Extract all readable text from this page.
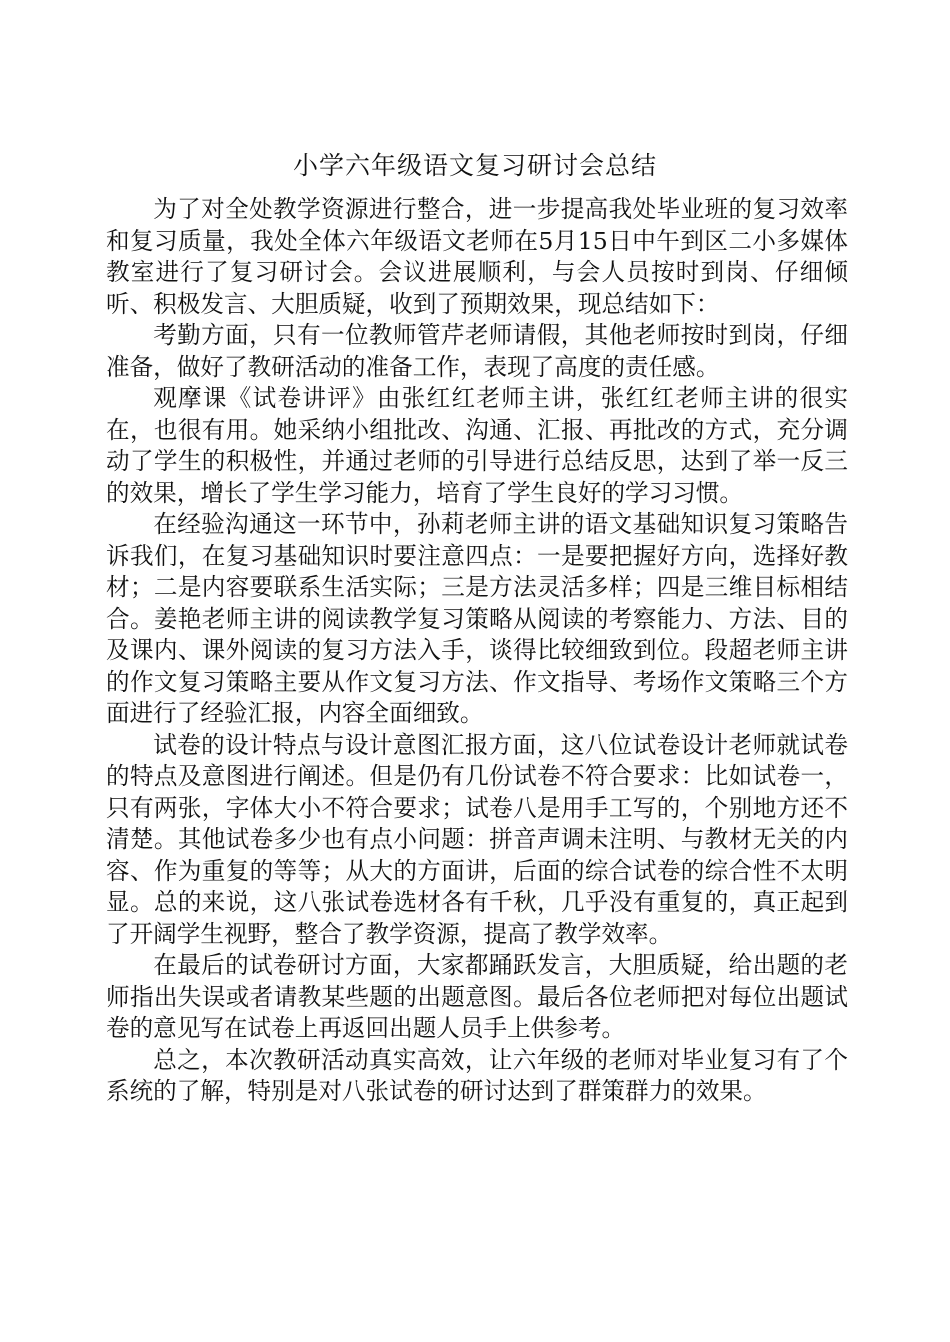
小学六年级语文复习研讨会总结

为了对全处教学资源进行整合，进一步提高我处毕业班的复习效率和复习质量，我处全体六年级语文老师在5月15日中午到区二小多媒体教室进行了复习研讨会。会议进展顺利，与会人员按时到岗、仔细倾听、积极发言、大胆质疑，收到了预期效果，现总结如下：

考勤方面，只有一位教师管芹老师请假，其他老师按时到岗，仔细准备，做好了教研活动的准备工作，表现了高度的责任感。

观摩课《试卷讲评》由张红红老师主讲，张红红老师主讲的很实在，也很有用。她采纳小组批改、沟通、汇报、再批改的方式，充分调动了学生的积极性，并通过老师的引导进行总结反思，达到了举一反三的效果，增长了学生学习能力，培育了学生良好的学习习惯。

在经验沟通这一环节中，孙莉老师主讲的语文基础知识复习策略告诉我们，在复习基础知识时要注意四点：一是要把握好方向，选择好教材；二是内容要联系生活实际；三是方法灵活多样；四是三维目标相结合。姜艳老师主讲的阅读教学复习策略从阅读的考察能力、方法、目的及课内、课外阅读的复习方法入手，谈得比较细致到位。段超老师主讲的作文复习策略主要从作文复习方法、作文指导、考场作文策略三个方面进行了经验汇报，内容全面细致。

试卷的设计特点与设计意图汇报方面，这八位试卷设计老师就试卷的特点及意图进行阐述。但是仍有几份试卷不符合要求：比如试卷一，只有两张，字体大小不符合要求；试卷八是用手工写的，个别地方还不清楚。其他试卷多少也有点小问题：拼音声调未注明、与教材无关的内容、作为重复的等等；从大的方面讲，后面的综合试卷的综合性不太明显。总的来说，这八张试卷选材各有千秋，几乎没有重复的，真正起到了开阔学生视野，整合了教学资源，提高了教学效率。

在最后的试卷研讨方面，大家都踊跃发言，大胆质疑，给出题的老师指出失误或者请教某些题的出题意图。最后各位老师把对每位出题试卷的意见写在试卷上再返回出题人员手上供参考。

总之，本次教研活动真实高效，让六年级的老师对毕业复习有了个系统的了解，特别是对八张试卷的研讨达到了群策群力的效果。
